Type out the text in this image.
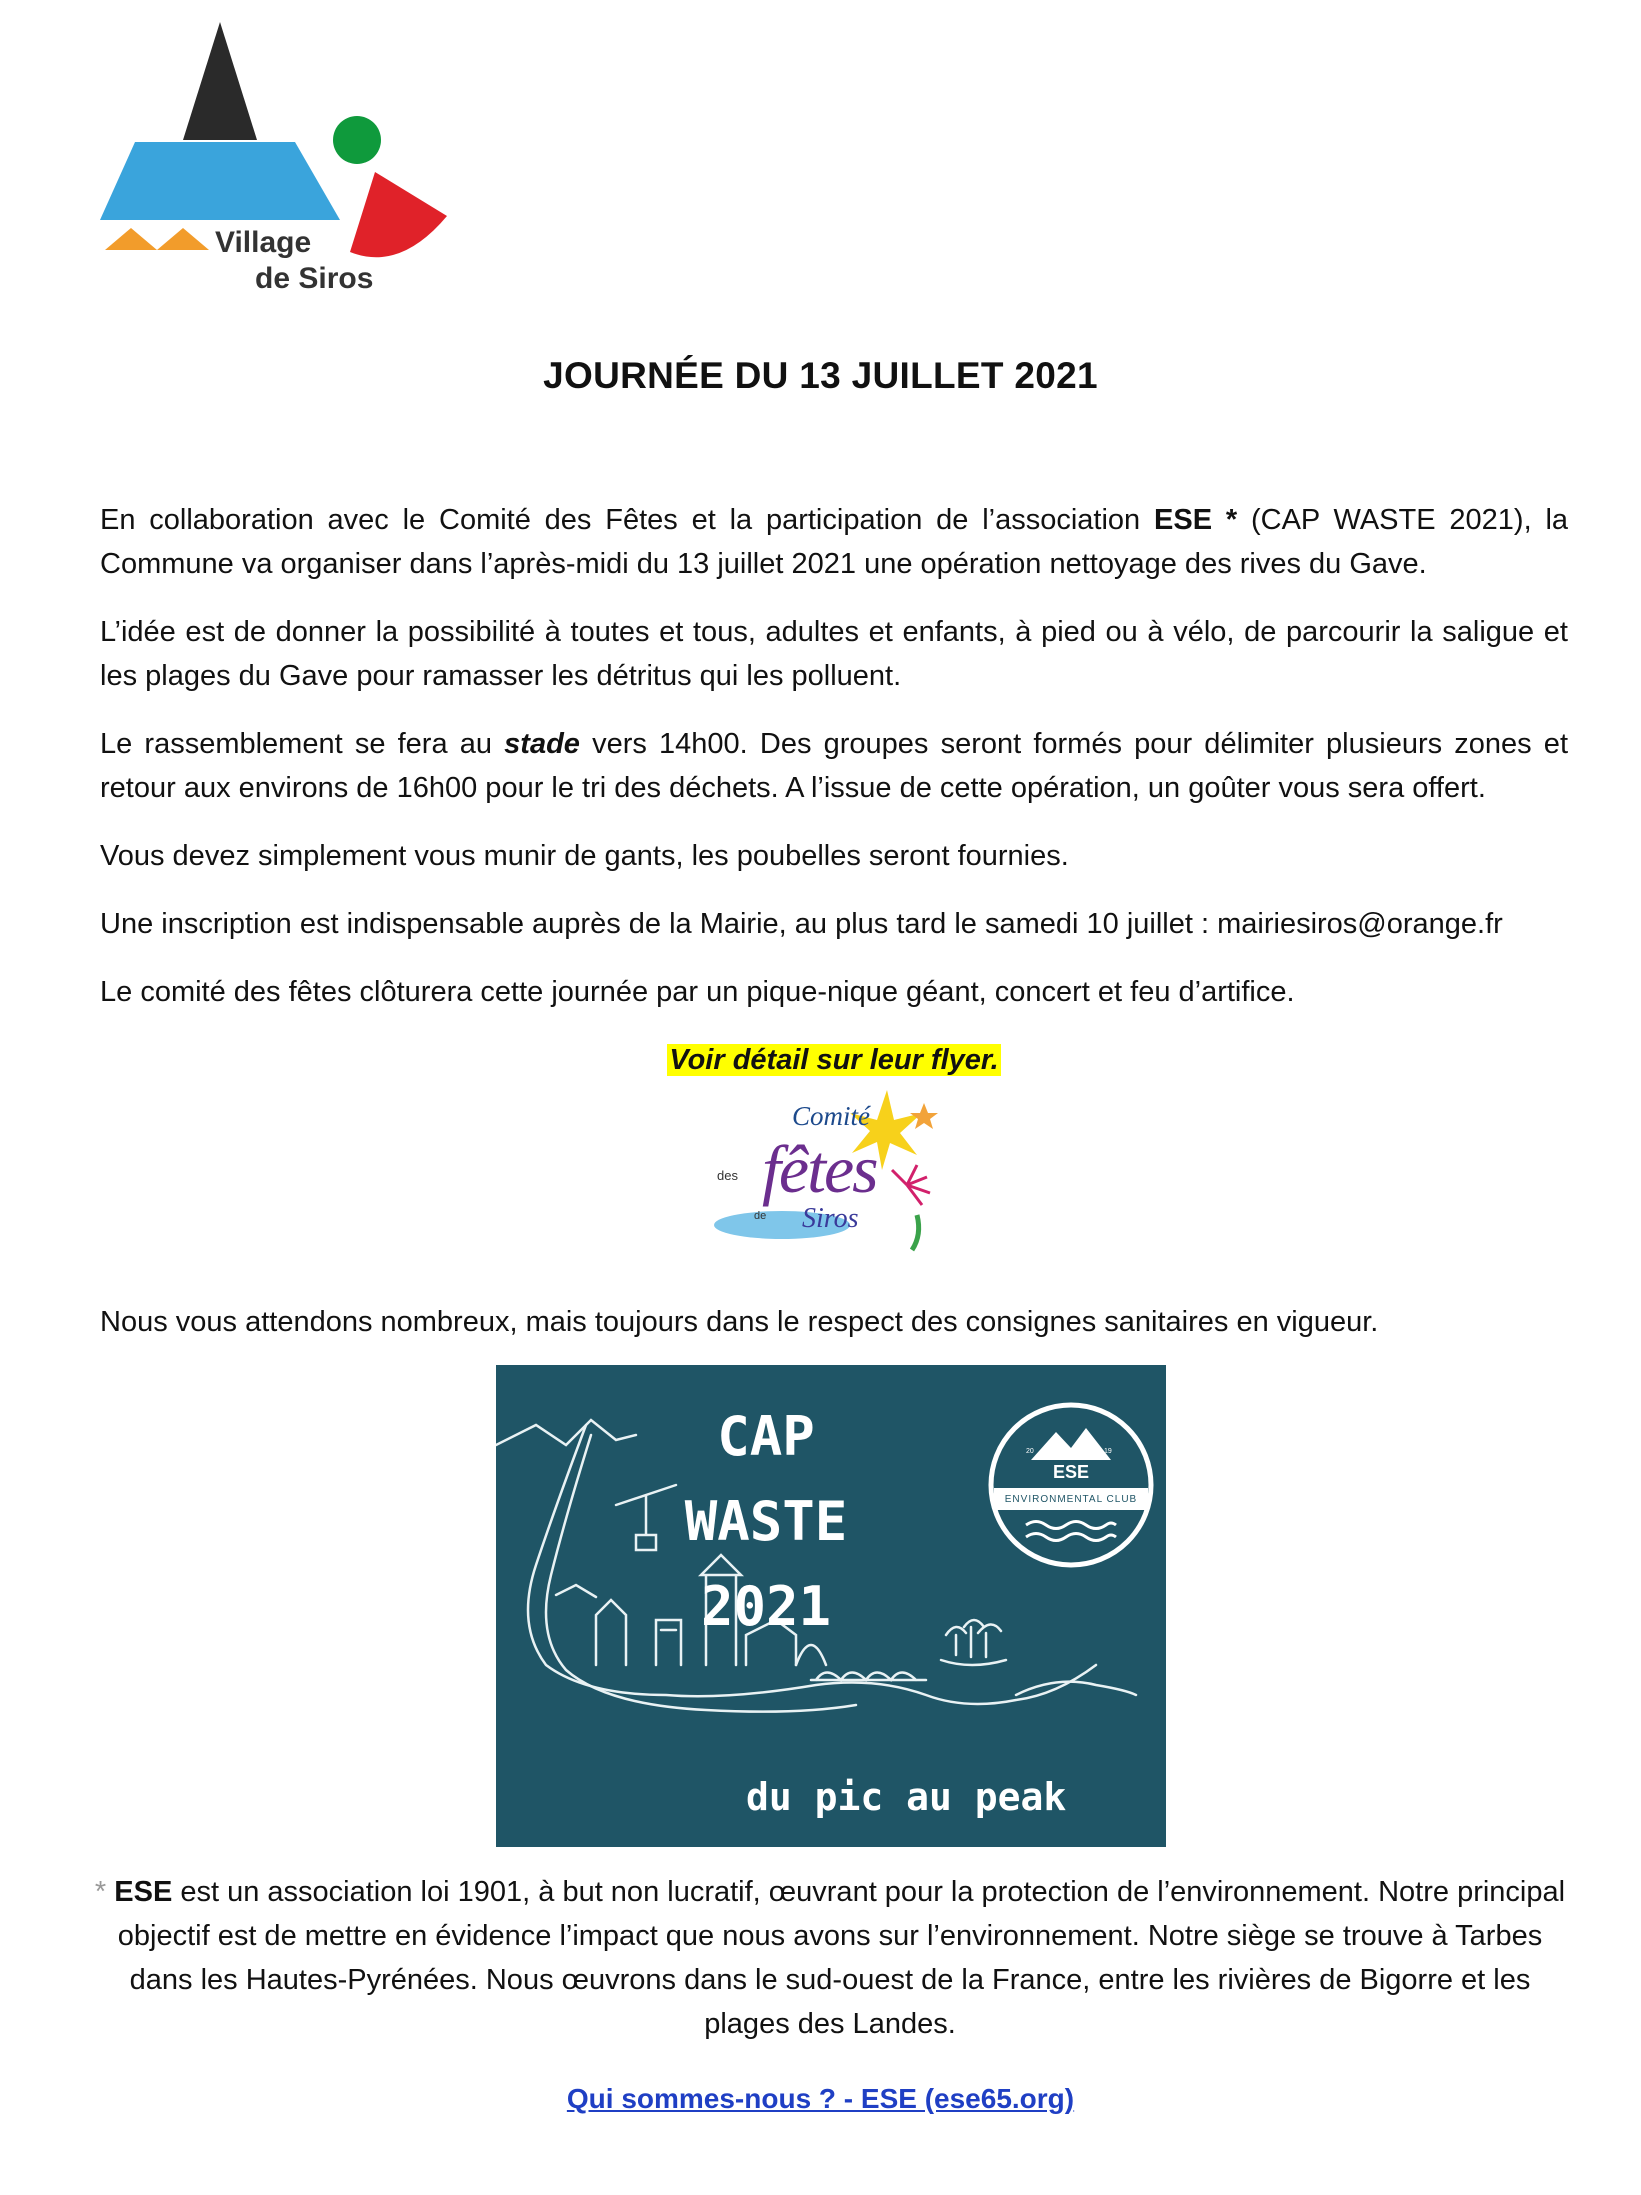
Village
de Siros
JOURNÉE DU 13 JUILLET 2021

En collaboration avec le Comité des Fêtes et la participation de l’association ESE * (CAP WASTE 2021), la Commune va organiser dans l’après-midi du 13 juillet 2021 une opération nettoyage des rives du Gave.

L’idée est de donner la possibilité à toutes et tous, adultes et enfants, à pied ou à vélo, de parcourir la saligue et les plages du Gave pour ramasser les détritus qui les polluent.

Le rassemblement se fera au stade vers 14h00. Des groupes seront formés pour délimiter plusieurs zones et retour aux environs de 16h00 pour le tri des déchets. A l’issue de cette opération, un goûter vous sera offert.

Vous devez simplement vous munir de gants, les poubelles seront fournies.

Une inscription est indispensable auprès de la Mairie, au plus tard le samedi 10 juillet : mairiesiros@orange.fr

Le comité des fêtes clôturera cette journée par un pique-nique géant, concert et feu d’artifice.

Voir détail sur leur flyer.
Comité
des fêtes
de Siros
Nous vous attendons nombreux, mais toujours dans le respect des consignes sanitaires en vigueur.
CAP
WASTE
2021
du pic au peak
20	19
ESE
ENVIRONMENTAL CLUB
* ESE est un association loi 1901, à but non lucratif, œuvrant pour la protection de l’environnement. Notre principal objectif est de mettre en évidence l’impact que nous avons sur l’environnement. Notre siège se trouve à Tarbes dans les Hautes-Pyrénées. Nous œuvrons dans le sud-ouest de la France, entre les rivières de Bigorre et les plages des Landes.
Qui sommes-nous ? - ESE (ese65.org)
